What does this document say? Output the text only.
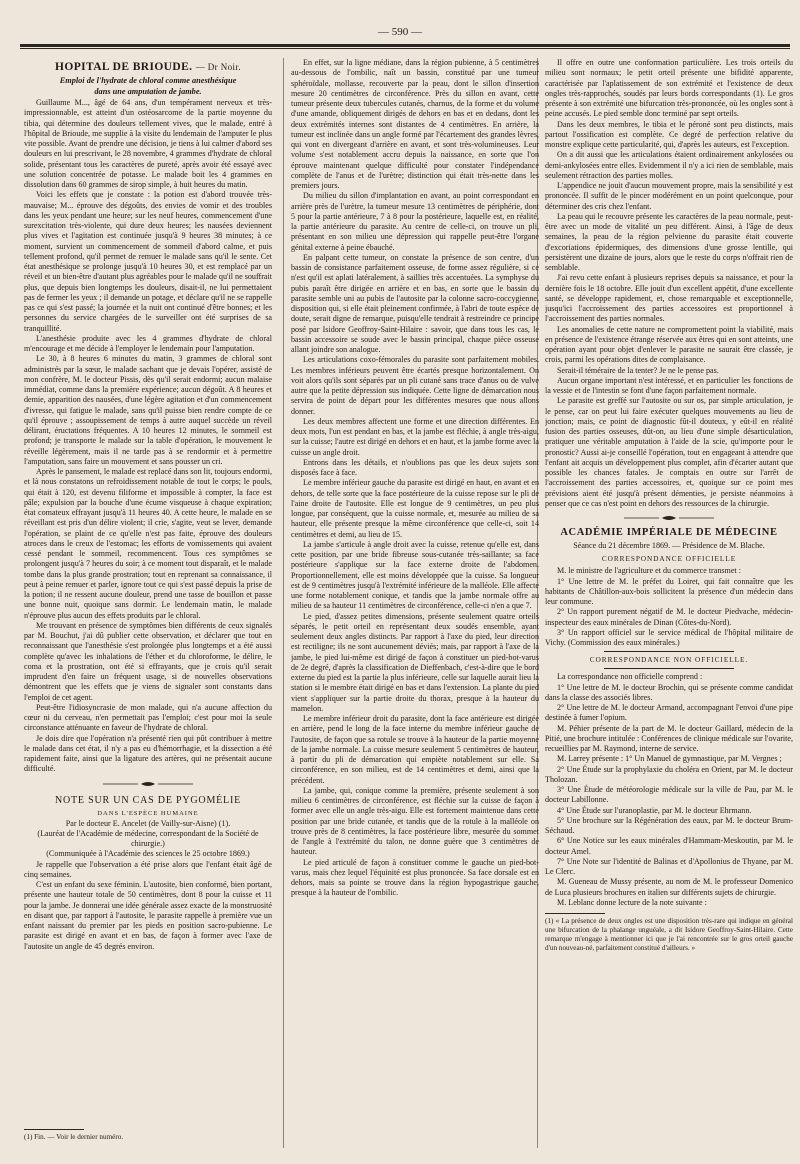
— 590 —
HOPITAL DE BRIOUDE. — Dr Noir.
Emploi de l'hydrate de chloral comme anesthésique
dans une amputation de jambe.

Guillaume M..., âgé de 64 ans, d'un tempérament nerveux et très-impressionnable, est atteint d'un ostéosarcome de la partie moyenne du tibia, qui détermine des douleurs tellement vives, que le malade, entré à l'hôpital de Brioude, me supplie à la visite du lendemain de l'amputer le plus vite possible. Avant de prendre une décision, je tiens à lui calmer d'abord ses douleurs en lui prescrivant, le 28 novembre, 4 grammes d'hydrate de chloral solide, présentant tous les caractères de pureté, après avoir été essayé avec une solution concentrée de potasse. Le malade boit les 4 grammes en dissolution dans 60 grammes de sirop simple, à huit heures du matin.

Voici les effets que je constate : la potion est d'abord trouvée très-mauvaise; M... éprouve des dégoûts, des envies de vomir et des troubles dans les yeux pendant une heure; sur les neuf heures, commencement d'une surexcitation très-violente, qui dure deux heures; les nausées deviennent plus vives et l'agitation est continuée jusqu'à 9 heures 38 minutes; à ce moment, survient un commencement de sommeil d'abord calme, et puis tellement profond, qu'il permet de remuer le malade sans qu'il le sente. Cet état anesthésique se prolonge jusqu'à 10 heures 30, et est remplacé par un réveil et un bien-être d'autant plus agréables pour le malade qu'il ne souffrait plus, que depuis bien longtemps les douleurs, disait-il, ne lui permettaient pas de fermer les yeux ; il demande un potage, et déclare qu'il ne se rappelle pas ce qui s'est passé; la journée et la nuit ont continué d'être bonnes; et les personnes du service chargées de le surveiller ont été surprises de sa tranquillité.

L'anesthésie produite avec les 4 grammes d'hydrate de chloral m'encourage et me décide à l'employer le lendemain pour l'amputation.

Le 30, à 8 heures 6 minutes du matin, 3 grammes de chloral sont administrés par la sœur, le malade sachant que je devais l'opérer, assisté de mon confrère, M. le docteur Pissis, dès qu'il serait endormi; aucun malaise immédiat, comme dans la première expérience; aucun dégoût. A 8 heures et demie, apparition des nausées, d'une légère agitation et d'un commencement d'ivresse, qui fatigue le malade, sans qu'il puisse bien rendre compte de ce qu'il éprouve ; assoupissement de temps à autre auquel succède un réveil délirant, éructations fréquentes. A 10 heures 12 minutes, le sommeil est profond; je transporte le malade sur la table d'opération, le mouvement le réveille légèrement, mais il ne tarde pas à se rendormir et à permettre l'amputation, sans faire un mouvement et sans pousser un cri.

Après le pansement, le malade est replacé dans son lit, toujours endormi, et là nous constatons un refroidissement notable de tout le corps; le pouls, qui était à 120, est devenu filiforme et impossible à compter, la face est pâle; expulsion par la bouche d'une écume visqueuse à chaque expiration; état comateux effrayant jusqu'à 11 heures 40. A cette heure, le malade en se réveillant est pris d'un délire violent; il crie, s'agite, veut se lever, demande l'opération, se plaint de ce qu'elle n'est pas faite, éprouve des douleurs atroces dans le creux de l'estomac; les efforts de vomissements qui avaient cessé pendant le sommeil, recommencent. Tous ces symptômes se prolongent jusqu'à 7 heures du soir; à ce moment tout disparaît, et le malade tombe dans la plus grande prostration; tout en reprenant sa connaissance, il peut à peine remuer et parler, ignore tout ce qui s'est passé depuis la prise de la potion; il ne ressent aucune douleur, prend une tasse de bouillon et passe une bonne nuit, quoique sans dormir. Le lendemain matin, le malade n'éprouve plus aucun des effets produits par le chloral.

Me trouvant en présence de symptômes bien différents de ceux signalés par M. Bouchut, j'ai dû publier cette observation, et déclarer que tout en reconnaissant que l'anesthésie s'est prolongée plus longtemps et a été aussi complète qu'avec les inhalations de l'éther et du chloroforme, le délire, le coma et la prostration, ont été si effrayants, que je crois qu'il serait imprudent d'en faire un fréquent usage, si de nouvelles observations démontrent que les effets que je viens de signaler sont constants dans l'emploi de cet agent.

Peut-être l'idiosyncrasie de mon malade, qui n'a aucune affection du cœur ni du cerveau, n'en permettait pas l'emploi; c'est pour moi la seule circonstance atténuante en faveur de l'hydrate de chloral.

Je dois dire que l'opération n'a présenté rien qui pût contribuer à mettre le malade dans cet état, il n'y a pas eu d'hémorrhagie, et la dissection a été rapidement faite, ainsi que la ligature des artères, qui ne présentait aucune difficulté.

NOTE SUR UN CAS DE PYGOMÉLIE
DANS L'ESPÈCE HUMAINE

Par le docteur E. Ancelet (de Vailly-sur-Aisne) (1).

(Lauréat de l'Académie de médecine, correspondant de la Société de chirurgie.)

(Communiquée à l'Académie des sciences le 25 octobre 1869.)

Je rappelle que l'observation a été prise alors que l'enfant était âgé de cinq semaines.

C'est un enfant du sexe féminin. L'autosite, bien conformé, bien portant, présente une hauteur totale de 50 centimètres, dont 8 pour la cuisse et 11 pour la jambe. Je donnerai une idée générale assez exacte de la monstruosité en disant que, par rapport à l'autosite, le parasite rappelle à première vue un enfant naissant du premier par les pieds en position sacro-pubienne. Le parasite est dirigé en avant et en bas, de façon à former avec l'axe de l'autosite un angle de 45 degrés environ.

(1) Fin. — Voir le dernier numéro.

En effet, sur la ligne médiane, dans la région pubienne, à 5 centimètres au-dessous de l'ombilic, naît un bassin, constitué par une tumeur sphéroïdale, mollasse, recouverte par la peau, dont le sillon d'insertion mesure 20 centimètres de circonférence. Près du sillon en avant, cette tumeur présente deux tubercules cutanés, charnus, de la forme et du volume d'une amande, obliquement dirigés de dehors en bas et en dedans, dont les deux extrémités internes sont distantes de 4 centimètres. En arrière, la tumeur est inclinée dans un angle formé par l'écartement des grandes lèvres, qui vont en divergeant d'arrière en avant, et sont très-volumineuses. Leur volume s'est notablement accru depuis la naissance, en sorte que l'on éprouve maintenant quelque difficulté pour constater l'indépendance complète de l'anus et de l'urètre; distinction qui était très-nette dans les premiers jours.

Du milieu du sillon d'implantation en avant, au point correspondant en arrière près de l'urètre, la tumeur mesure 13 centimètres de périphérie, dont 5 pour la partie antérieure, 7 à 8 pour la postérieure, laquelle est, en réalité, la partie antérieure du parasite. Au centre de celle-ci, on trouve un pli, présentant en son milieu une dépression qui rappelle peut-être l'organe génital externe à peine ébauché.

En palpant cette tumeur, on constate la présence de son centre, d'un bassin de consistance parfaitement osseuse, de forme assez régulière, si ce n'est qu'il est aplati latéralement, à saillies très accentuées. La symphyse du pubis paraît être dirigée en arrière et en bas, en sorte que le bassin du parasite semble uni au pubis de l'autosite par la colonne sacro-coccygienne, disposition qui, si elle était pleinement confirmée, à l'abri de toute espèce de doute, serait digne de remarque, puisqu'elle tendrait à restreindre ce principe posé par Isidore Geoffroy-Saint-Hilaire : savoir, que dans tous les cas, le bassin accessoire se soude avec le bassin principal, chaque pièce osseuse allant joindre son analogue.

Les articulations coxo-fémorales du parasite sont parfaitement mobiles. Les membres inférieurs peuvent être écartés presque horizontalement. On voit alors qu'ils sont séparés par un pli cutané sans trace d'anus ou de vulve autre que la petite dépression sus indiquée. Cette ligne de démarcation nous servira de point de départ pour les différentes mesures que nous allons donner.

Les deux membres affectent une forme et une direction différentes. En deux mots, l'un est pendant en bas, et la jambe est fléchie, à angle très-aigu, sur la cuisse; l'autre est dirigé en dehors et en haut, et la jambe forme avec la cuisse un angle droit.

Entrons dans les détails, et n'oublions pas que les deux sujets sont disposés face à face.

Le membre inférieur gauche du parasite est dirigé en haut, en avant et en dehors, de telle sorte que la face postérieure de la cuisse repose sur le pli de l'aine droite de l'autosite. Elle est longue de 9 centimètres, un peu plus longue, par conséquent, que la cuisse normale, et, mesurée au milieu de sa hauteur, elle présente presque la même circonférence que celle-ci, soit 14 centimètres et demi, au lieu de 15.

La jambe s'articule à angle droit avec la cuisse, retenue qu'elle est, dans cette position, par une bride fibreuse sous-cutanée très-saillante; sa face postérieure s'applique sur la face externe droite de l'abdomen. Proportionnellement, elle est moins développée que la cuisse. Sa longueur est de 9 centimètres jusqu'à l'extrémité inférieure de la malléole. Elle affecte une forme notablement conique, et tandis que la jambe normale offre au milieu de sa hauteur 11 centimètres de circonférence, celle-ci n'en a que 7.

Le pied, d'assez petites dimensions, présente seulement quatre orteils séparés, le petit orteil en représentant deux soudés ensemble, ayant seulement deux angles distincts. Par rapport à l'axe du pied, leur direction est rectiligne; ils ne sont aucunement déviés; mais, par rapport à l'axe de la jambe, le pied lui-même est dirigé de façon à constituer un pied-bot-varus de 2e degré, d'après la classification de Dieffenbach, c'est-à-dire que le bord externe du pied est la partie la plus inférieure, celle sur laquelle aurait lieu la station si le membre était dirigé en bas et dans l'extension. La plante du pied vient s'appliquer sur la partie droite du thorax, presque à la hauteur du mamelon.

Le membre inférieur droit du parasite, dont la face antérieure est dirigée en arrière, pend le long de la face interne du membre inférieur gauche de l'autosite, de façon que sa rotule se trouve à la hauteur de la partie moyenne de la jambe normale. La cuisse mesure seulement 5 centimètres de hauteur, à partir du pli de démarcation qui empiète notablement sur elle. Sa circonférence, en son milieu, est de 14 centimètres et demi, ainsi que la précédent.

La jambe, qui, conique comme la première, présente seulement à son milieu 6 centimètres de circonférence, est fléchie sur la cuisse de façon à former avec elle un angle très-aigu. Elle est fortement maintenue dans cette position par une bride cutanée, et tandis que de la rotule à la malléole on trouve près de 8 centimètres, la face postérieure libre, mesurée du sommet de l'angle à l'extrémité du talon, ne donne guère que 3 centimètres de hauteur.

Le pied articulé de façon à constituer comme le gauche un pied-bot-varus, mais chez lequel l'équinité est plus prononcée. Sa face dorsale est en dehors, mais sa pointe se trouve dans la région hypogastrique gauche, presque à la hauteur de l'ombilic.

Il offre en outre une conformation particulière. Les trois orteils du milieu sont normaux; le petit orteil présente une bifidité apparente, caractérisée par l'aplatissement de son extrémité et l'existence de deux ongles très-rapprochés, soudés par leurs bords correspondants (1). Le gros présente à son extrémité une bifurcation très-prononcée, où les ongles sont à peine accusés. Le pied semble donc terminé par sept orteils.

Dans les deux membres, le tibia et le péroné sont peu distincts, mais partout l'ossification est complète. Ce degré de perfection relative du monstre explique cette particularité, qui, d'après les auteurs, est l'exception.

On a dit aussi que les articulations étaient ordinairement ankylosées ou demi-ankylosées entre elles. Evidemment il n'y a ici rien de semblable, mais seulement rétraction des parties molles.

L'appendice ne jouit d'aucun mouvement propre, mais la sensibilité y est prononcée. Il suffit de le pincer modérément en un point quelconque, pour déterminer des cris chez l'enfant.

La peau qui le recouvre présente les caractères de la peau normale, peut-être avec un mode de vitalité un peu différent. Ainsi, à l'âge de deux semaines, la peau de la région pelvienne du parasite était couverte d'excoriations épidermiques, des dimensions d'une grosse lentille, qui persistèrent une dizaine de jours, alors que le reste du corps n'offrait rien de semblable.

J'ai revu cette enfant à plusieurs reprises depuis sa naissance, et pour la dernière fois le 18 octobre. Elle jouit d'un excellent appétit, d'une excellente santé, se développe rapidement, et, chose remarquable et exceptionnelle, jusqu'ici l'accroissement des parties accessoires est proportionnel à l'accroissement des parties normales.

Les anomalies de cette nature ne compromettent point la viabilité, mais en présence de l'existence étrange réservée aux êtres qui en sont atteints, une opération ayant pour objet d'enlever le parasite ne saurait être classée, je crois, parmi les opérations dites de complaisance.

Serait-il téméraire de la tenter? Je ne le pense pas.

Aucun organe important n'est intéressé, et en particulier les fonctions de la vessie et de l'intestin se font d'une façon parfaitement normale.

Le parasite est greffé sur l'autosite ou sur os, par simple articulation, je le pense, car on peut lui faire exécuter quelques mouvements au lieu de jonction; mais, ce point de diagnostic fût-il douteux, y eût-il en réalité fusion des parties osseuses, dût-on, au lieu d'une simple désarticulation, pratiquer une véritable amputation à l'aide de la scie, qu'importe pour le pronostic? Aussi ai-je conseillé l'opération, tout en engageant à attendre que l'enfant ait acquis un développement plus complet, afin d'écarter autant que possible les chances fatales. Je comptais en outre sur l'arrêt de l'accroissement des parties accessoires, et, quoique sur ce point mes prévisions aient été jusqu'à présent démenties, je persiste néanmoins à penser que ce cas n'est point en dehors des ressources de la chirurgie.

ACADÉMIE IMPÉRIALE DE MÉDECINE

Séance du 21 décembre 1869. — Présidence de M. Blache.

CORRESPONDANCE OFFICIELLE

M. le ministre de l'agriculture et du commerce transmet :

1° Une lettre de M. le préfet du Loiret, qui fait connaître que les habitants de Châtillon-aux-bois sollicitent la présence d'un médecin dans leur commune.

2° Un rapport purement négatif de M. le docteur Piedvache, médecin-inspecteur des eaux minérales de Dinan (Côtes-du-Nord).

3° Un rapport officiel sur le service médical de l'hôpital militaire de Vichy. (Commission des eaux minérales.)

CORRESPONDANCE NON OFFICIELLE.

La correspondance non officielle comprend :

1° Une lettre de M. le docteur Brochin, qui se présente comme candidat dans la classe des associés libres.

2° Une lettre de M. le docteur Armand, accompagnant l'envoi d'une pipe destinée à fumer l'opium.

M. Péhier présente de la part de M. le docteur Gaillard, médecin de la Pitié, une brochure intitulée : Conférences de clinique médicale sur l'ovarite, recueillies par M. Raymond, interne de service.

M. Larrey présente : 1° Un Manuel de gymnastique, par M. Vergnes ;

2° Une Étude sur la prophylaxie du choléra en Orient, par M. le docteur Tholozan.

3° Une Étude de météorologie médicale sur la ville de Pau, par M. le docteur Labillonne.

4° Une Étude sur l'uranoplastie, par M. le docteur Ehrmann.

5° Une brochure sur la Régénération des eaux, par M. le docteur Brum-Séchaud.

6° Une Notice sur les eaux minérales d'Hammam-Meskoutin, par M. le docteur Amel.

7° Une Note sur l'identité de Balinas et d'Apollonius de Thyane, par M. Le Clerc.

M. Gueneau de Mussy présente, au nom de M. le professeur Domenico de Luca plusieurs brochures en italien sur différents sujets de chirurgie.

M. Leblanc donne lecture de la note suivante :

(1) « La présence de deux ongles est une disposition très-rare qui indique en général une bifurcation de la phalange unguéale, a dit Isidore Geoffroy-Saint-Hilaire. Cette remarque m'engage à mentionner ici que je l'ai rencontrée sur le gros orteil gauche d'un nouveau-né, parfaitement constitué d'ailleurs. »
